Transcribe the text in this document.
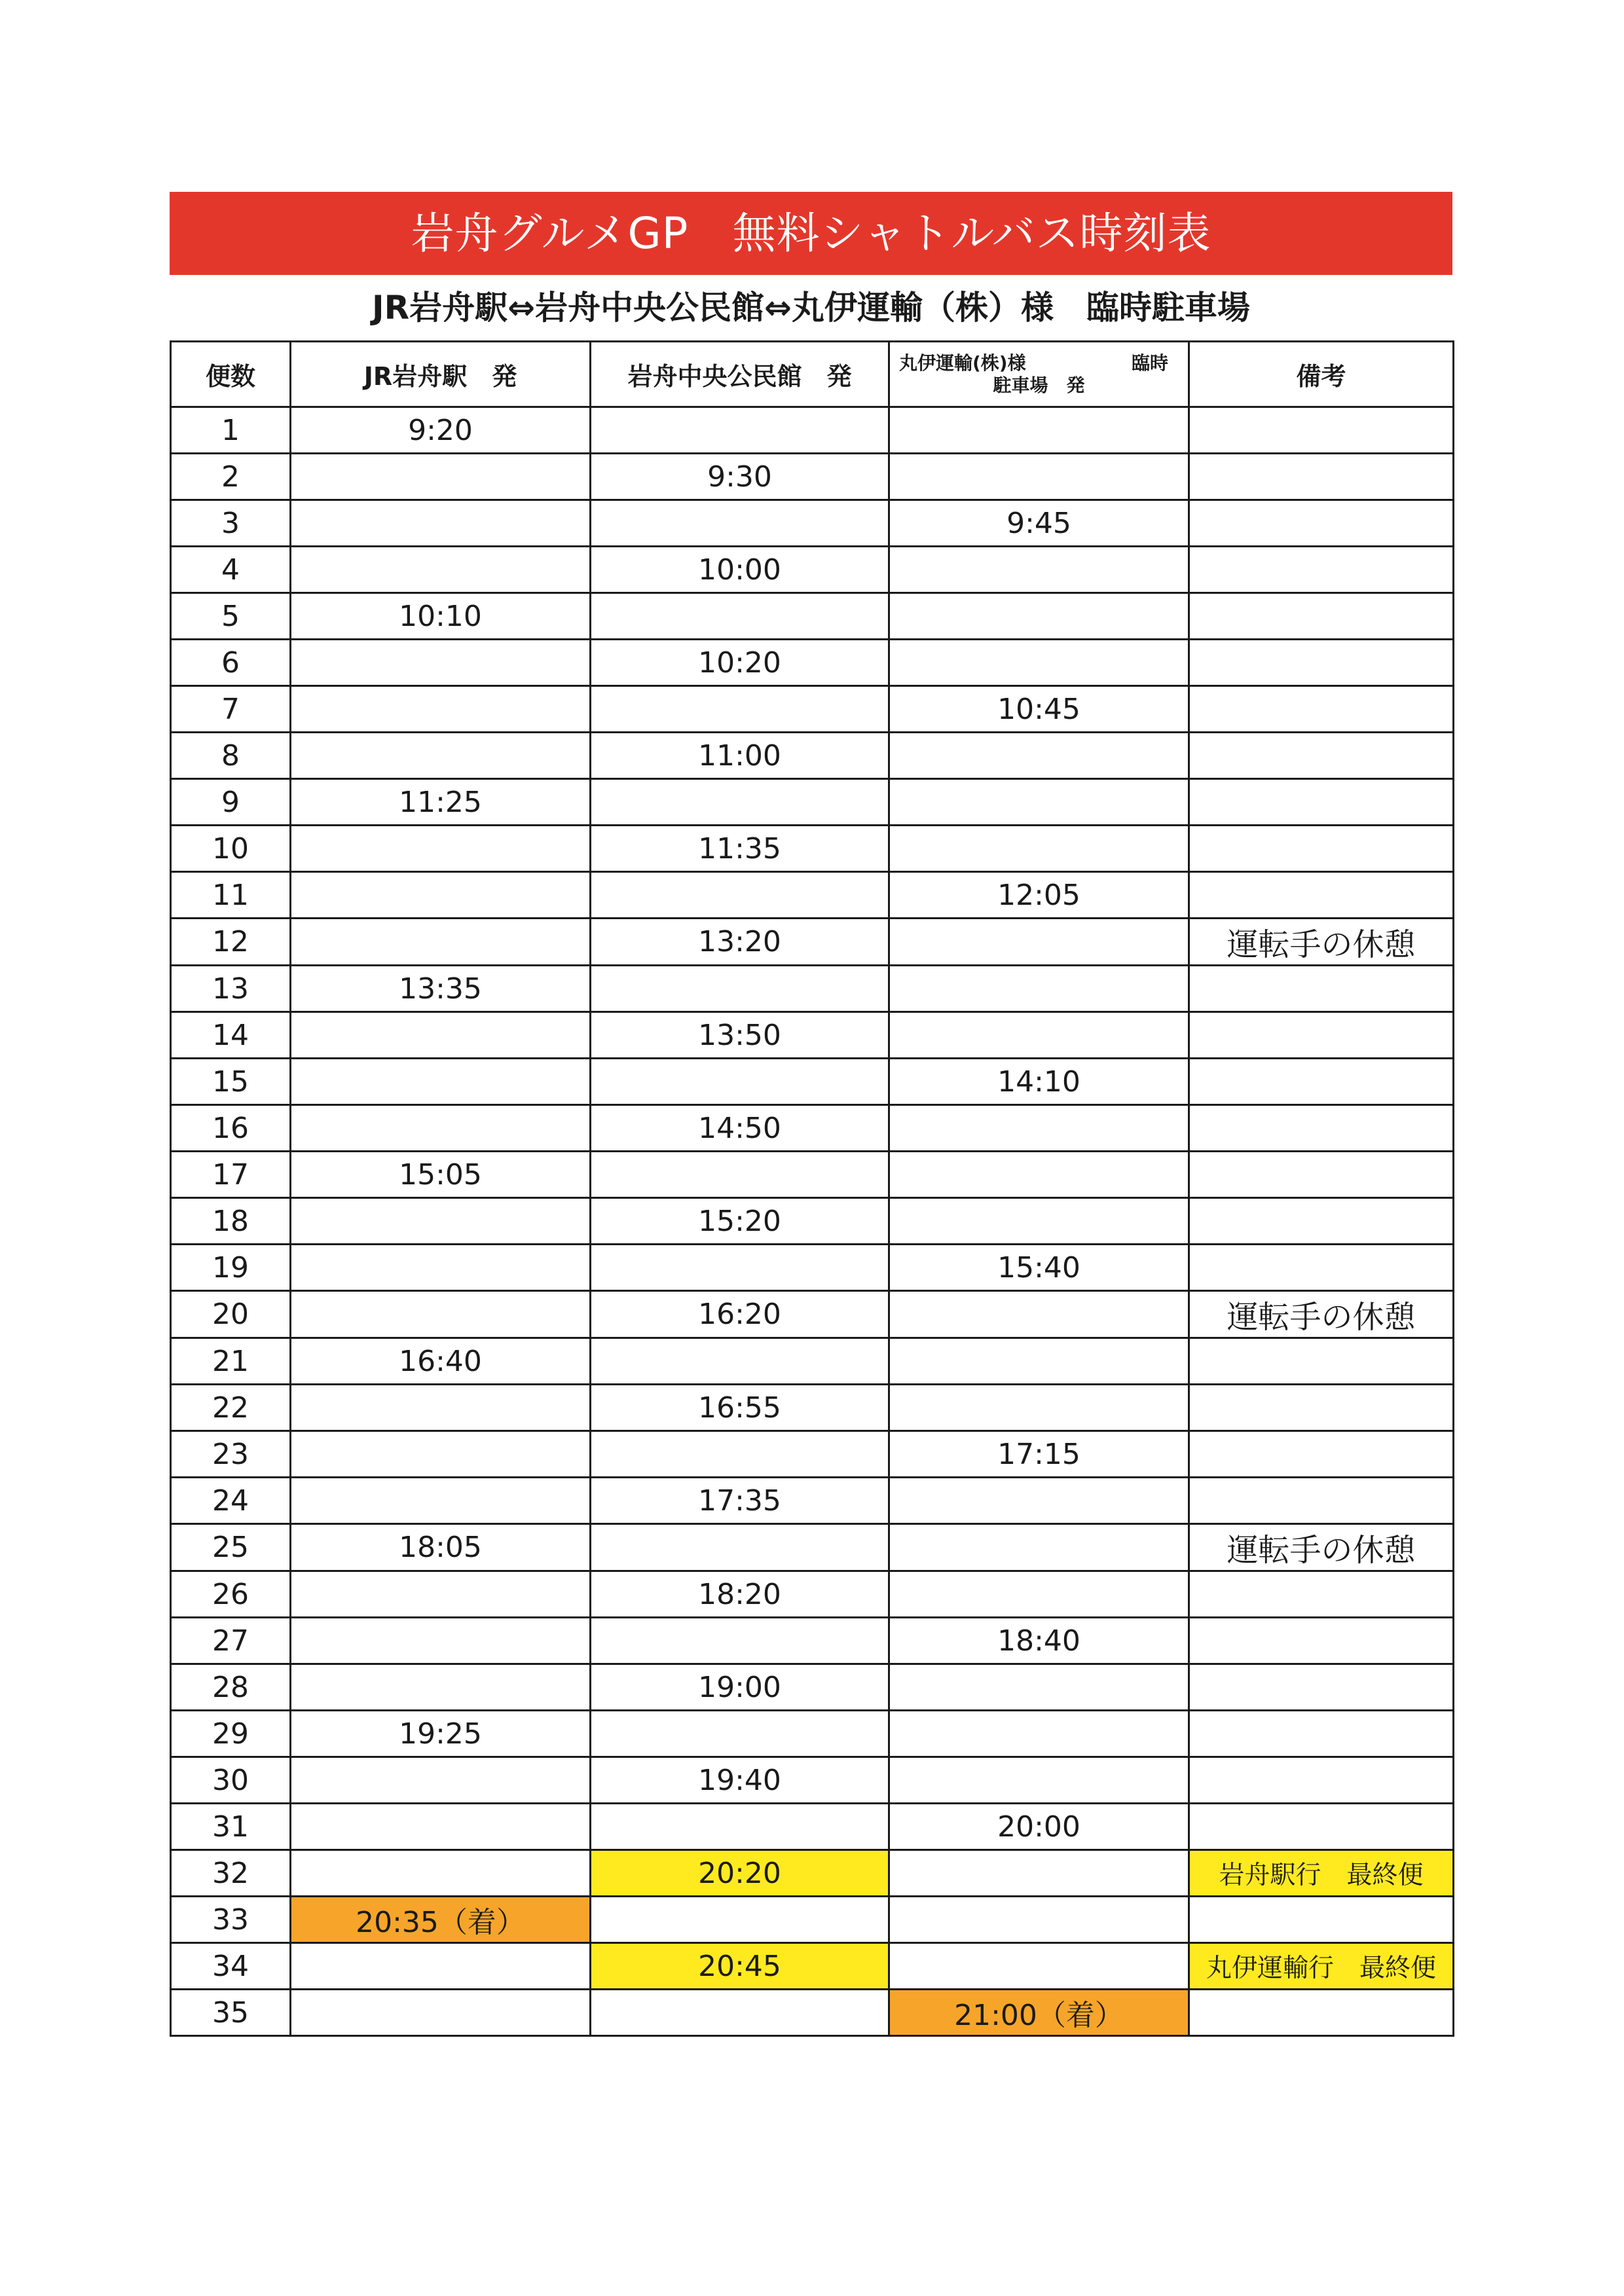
岩舟グルメGP　無料シャトルバス時刻表
JR岩舟駅⇔岩舟中央公民館⇔丸伊運輸（株）様　臨時駐車場
便数	JR岩舟駅　発	岩舟中央公民館　発	丸伊運輸(株)様 臨時
駐車場　発	備考
1	9:20			
2		9:30		
3			9:45	
4		10:00		
5	10:10			
6		10:20		
7			10:45	
8		11:00		
9	11:25			
10		11:35		
11			12:05	
12		13:20		運転手の休憩
13	13:35			
14		13:50		
15			14:10	
16		14:50		
17	15:05			
18		15:20		
19			15:40	
20		16:20		運転手の休憩
21	16:40			
22		16:55		
23			17:15	
24		17:35		
25	18:05			運転手の休憩
26		18:20		
27			18:40	
28		19:00		
29	19:25			
30		19:40		
31			20:00	
32		20:20		岩舟駅行　最終便
33	20:35（着）			
34		20:45		丸伊運輸行　最終便
35			21:00（着）	
